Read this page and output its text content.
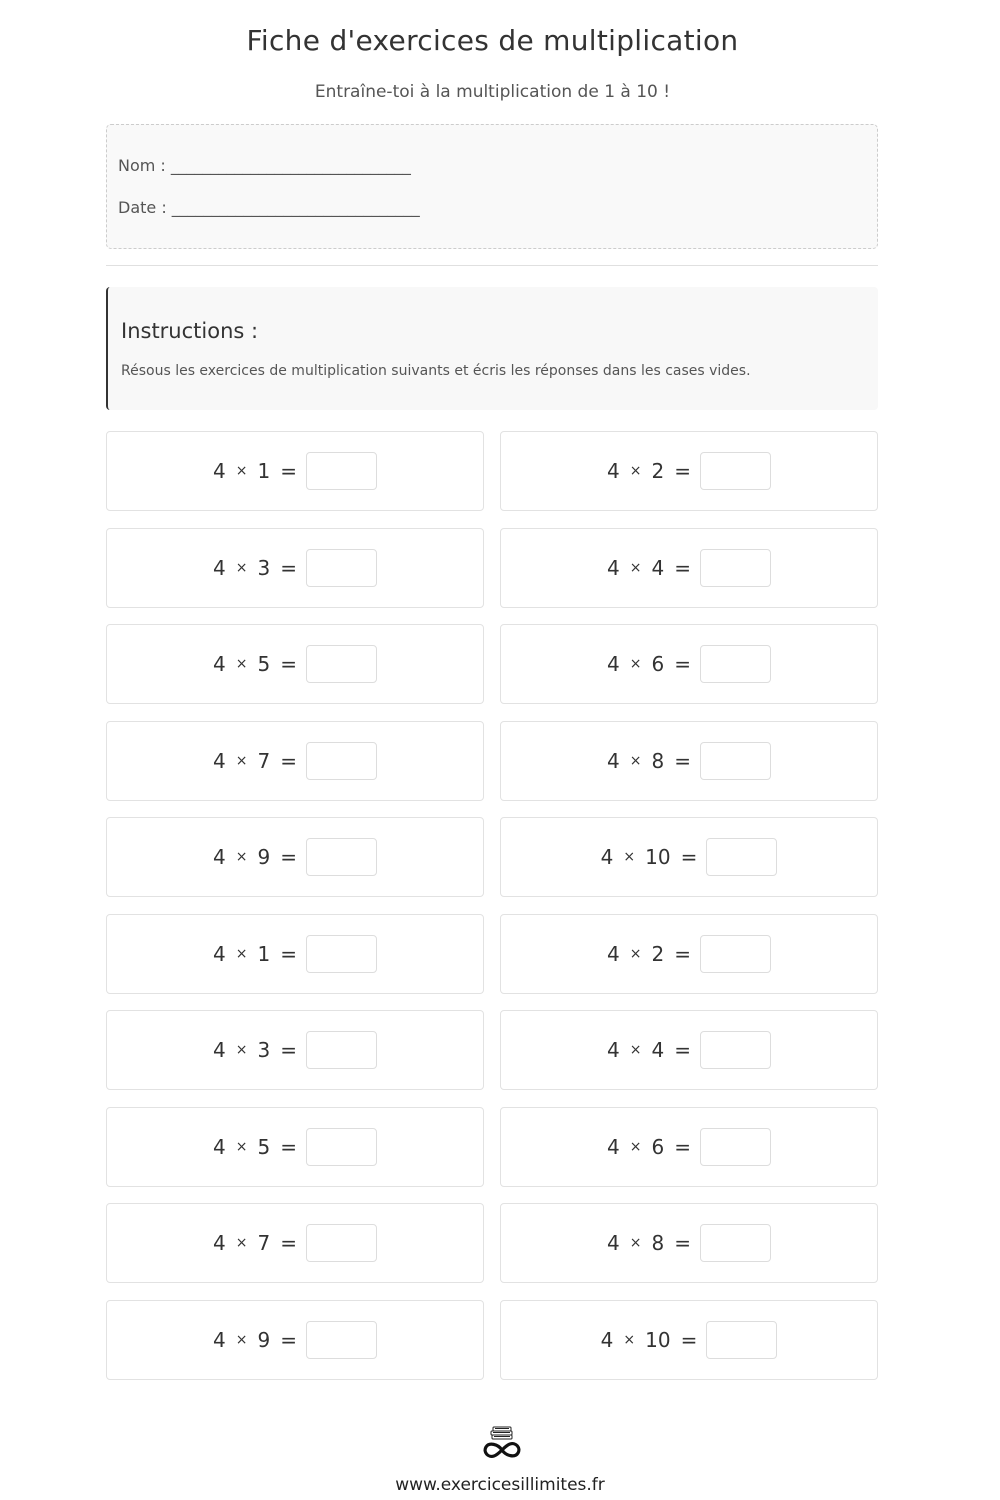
Fiche d'exercices de multiplication
Entraîne-toi à la multiplication de 1 à 10 !
Nom : ______________________________
Date : _______________________________
Instructions :
Résous les exercices de multiplication suivants et écris les réponses dans les cases vides.
4 × 1 =	4 × 2 =
4 × 3 =	4 × 4 =
4 × 5 =	4 × 6 =
4 × 7 =	4 × 8 =
4 × 9 =	4 × 10 =
4 × 1 =	4 × 2 =
4 × 3 =	4 × 4 =
4 × 5 =	4 × 6 =
4 × 7 =	4 × 8 =
4 × 9 =	4 × 10 =
www.exercicesillimites.fr
